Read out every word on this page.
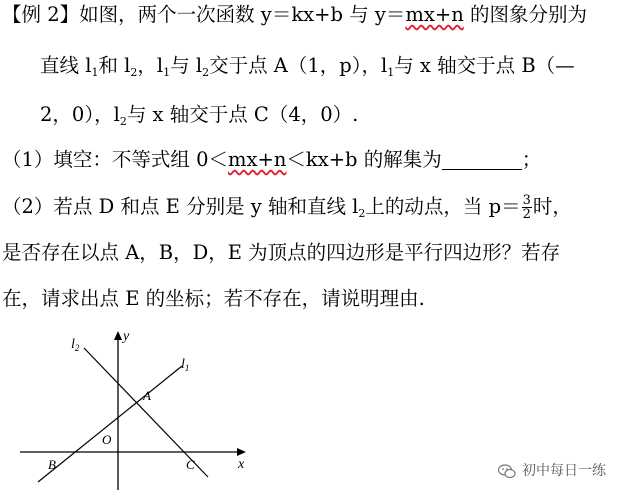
【例 2】如图，两个一次函数 y＝kx+b 与 y＝mx+n 的图象分别为
直线 $l_1$和 $l_2$，$l_1$与 $l_2$交于点 A（1，p），$l_1$与 x 轴交于点 B（—
2，0），$l_2$与 x 轴交于点 C（4，0）.
（1）填空：不等式组 0＜mx+n＜kx+b 的解集为	；
（2）若点 D 和点 E 分别是 y 轴和直线 $l_2$上的动点，当 $p= \frac{3}{2}$ 时，
是否存在以点 A，B，D，E 为顶点的四边形是平行四边形？若存
在，请求出点 E 的坐标；若不存在，请说明理由.
$l_2$
$l_1$
y
x
A
O
B	C	初中每日一练
